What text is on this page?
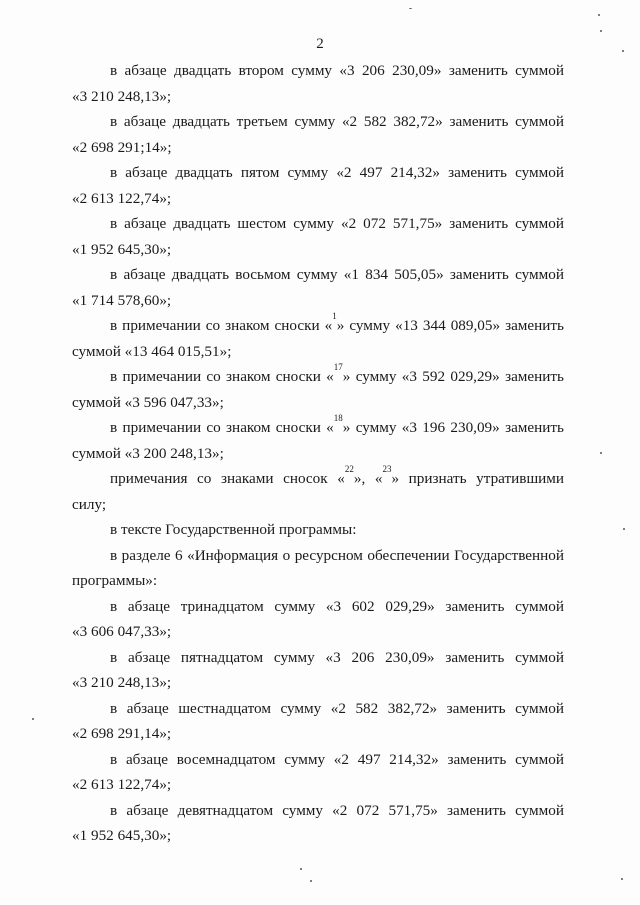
2

в абзаце двадцать втором сумму «3 206 230,09» заменить суммой
«3 210 248,13»;

в абзаце двадцать третьем сумму «2 582 382,72» заменить суммой
«2 698 291;14»;

в абзаце двадцать пятом сумму «2 497 214,32» заменить суммой
«2 613 122,74»;

в абзаце двадцать шестом сумму «2 072 571,75» заменить суммой
«1 952 645,30»;

в абзаце двадцать восьмом сумму «1 834 505,05» заменить суммой
«1 714 578,60»;

в примечании со знаком сноски «$^1$» сумму «13 344 089,05» заменить
суммой «13 464 015,51»;

в примечании со знаком сноски «$^{17}$» сумму «3 592 029,29» заменить
суммой «3 596 047,33»;

в примечании со знаком сноски «$^{18}$» сумму «3 196 230,09» заменить
суммой «3 200 248,13»;

примечания со знаками сносок «$^{22}$», «$^{23}$» признать утратившими
силу;

в тексте Государственной программы:

в разделе 6 «Информация о ресурсном обеспечении Государственной
программы»:

в абзаце тринадцатом сумму «3 602 029,29» заменить суммой
«3 606 047,33»;

в абзаце пятнадцатом сумму «3 206 230,09» заменить суммой
«3 210 248,13»;

в абзаце шестнадцатом сумму «2 582 382,72» заменить суммой
«2 698 291,14»;

в абзаце восемнадцатом сумму «2 497 214,32» заменить суммой
«2 613 122,74»;

в абзаце девятнадцатом сумму «2 072 571,75» заменить суммой
«1 952 645,30»;
